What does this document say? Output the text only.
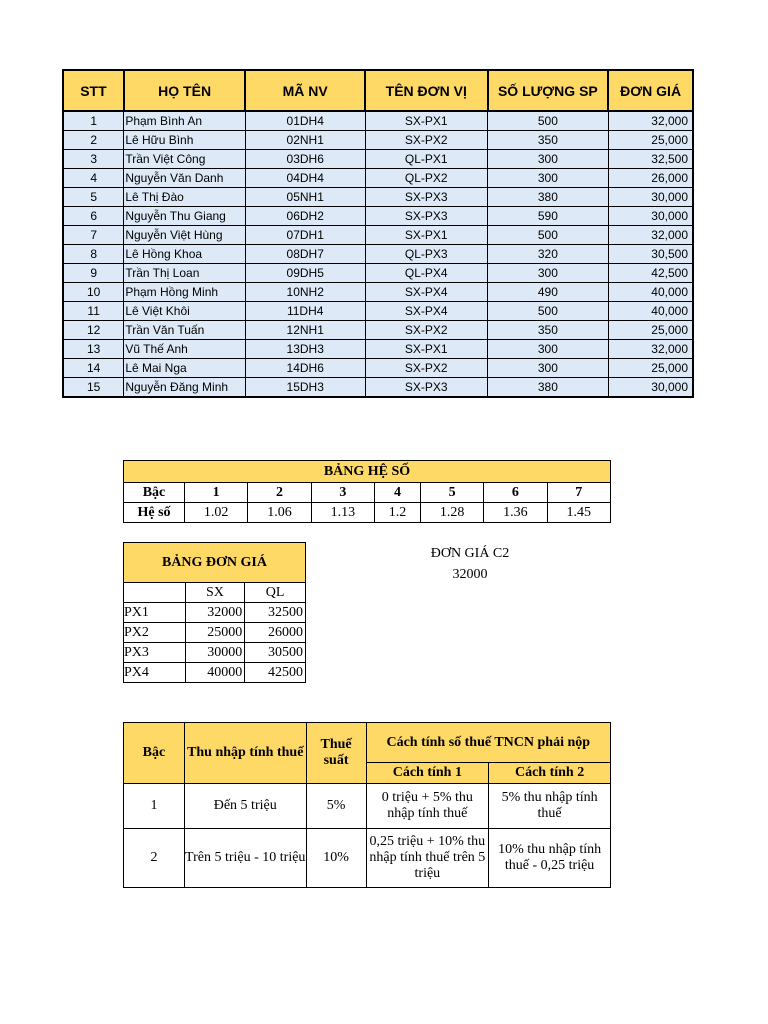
STT	HỌ TÊN	MÃ NV	TÊN ĐƠN VỊ	SỐ LƯỢNG SP	ĐƠN GIÁ
1	Phạm Bình An	01DH4	SX-PX1	500	32,000
2	Lê Hữu Bình	02NH1	SX-PX2	350	25,000
3	Trần Việt Công	03DH6	QL-PX1	300	32,500
4	Nguyễn Văn Danh	04DH4	QL-PX2	300	26,000
5	Lê Thị Đào	05NH1	SX-PX3	380	30,000
6	Nguyễn Thu Giang	06DH2	SX-PX3	590	30,000
7	Nguyễn Việt Hùng	07DH1	SX-PX1	500	32,000
8	Lê Hồng Khoa	08DH7	QL-PX3	320	30,500
9	Trần Thị Loan	09DH5	QL-PX4	300	42,500
10	Phạm Hồng Minh	10NH2	SX-PX4	490	40,000
11	Lê Việt Khôi	11DH4	SX-PX4	500	40,000
12	Trần Văn Tuấn	12NH1	SX-PX2	350	25,000
13	Vũ Thế Anh	13DH3	SX-PX1	300	32,000
14	Lê Mai Nga	14DH6	SX-PX2	300	25,000
15	Nguyễn Đăng Minh	15DH3	SX-PX3	380	30,000
BẢNG HỆ SỐ							
Bậc	1	2	3	4	5	6	7
Hệ số	1.02	1.06	1.13	1.2	1.28	1.36	1.45
BẢNG ĐƠN GIÁ		
	SX	QL
PX1	32000	32500
PX2	25000	26000
PX3	30000	30500
PX4	40000	42500
ĐƠN GIÁ C2
32000
Bậc	Thu nhập tính thuế	Thuế suất	Cách tính số thuế TNCN phải nộp	
			Cách tính 1	Cách tính 2
1	Đến 5 triệu	5%	0 triệu + 5% thu nhập tính thuế	5% thu nhập tính thuế
2	Trên 5 triệu - 10 triệu	10%	0,25 triệu + 10% thu nhập tính thuế trên 5 triệu	10% thu nhập tính thuế - 0,25 triệu
